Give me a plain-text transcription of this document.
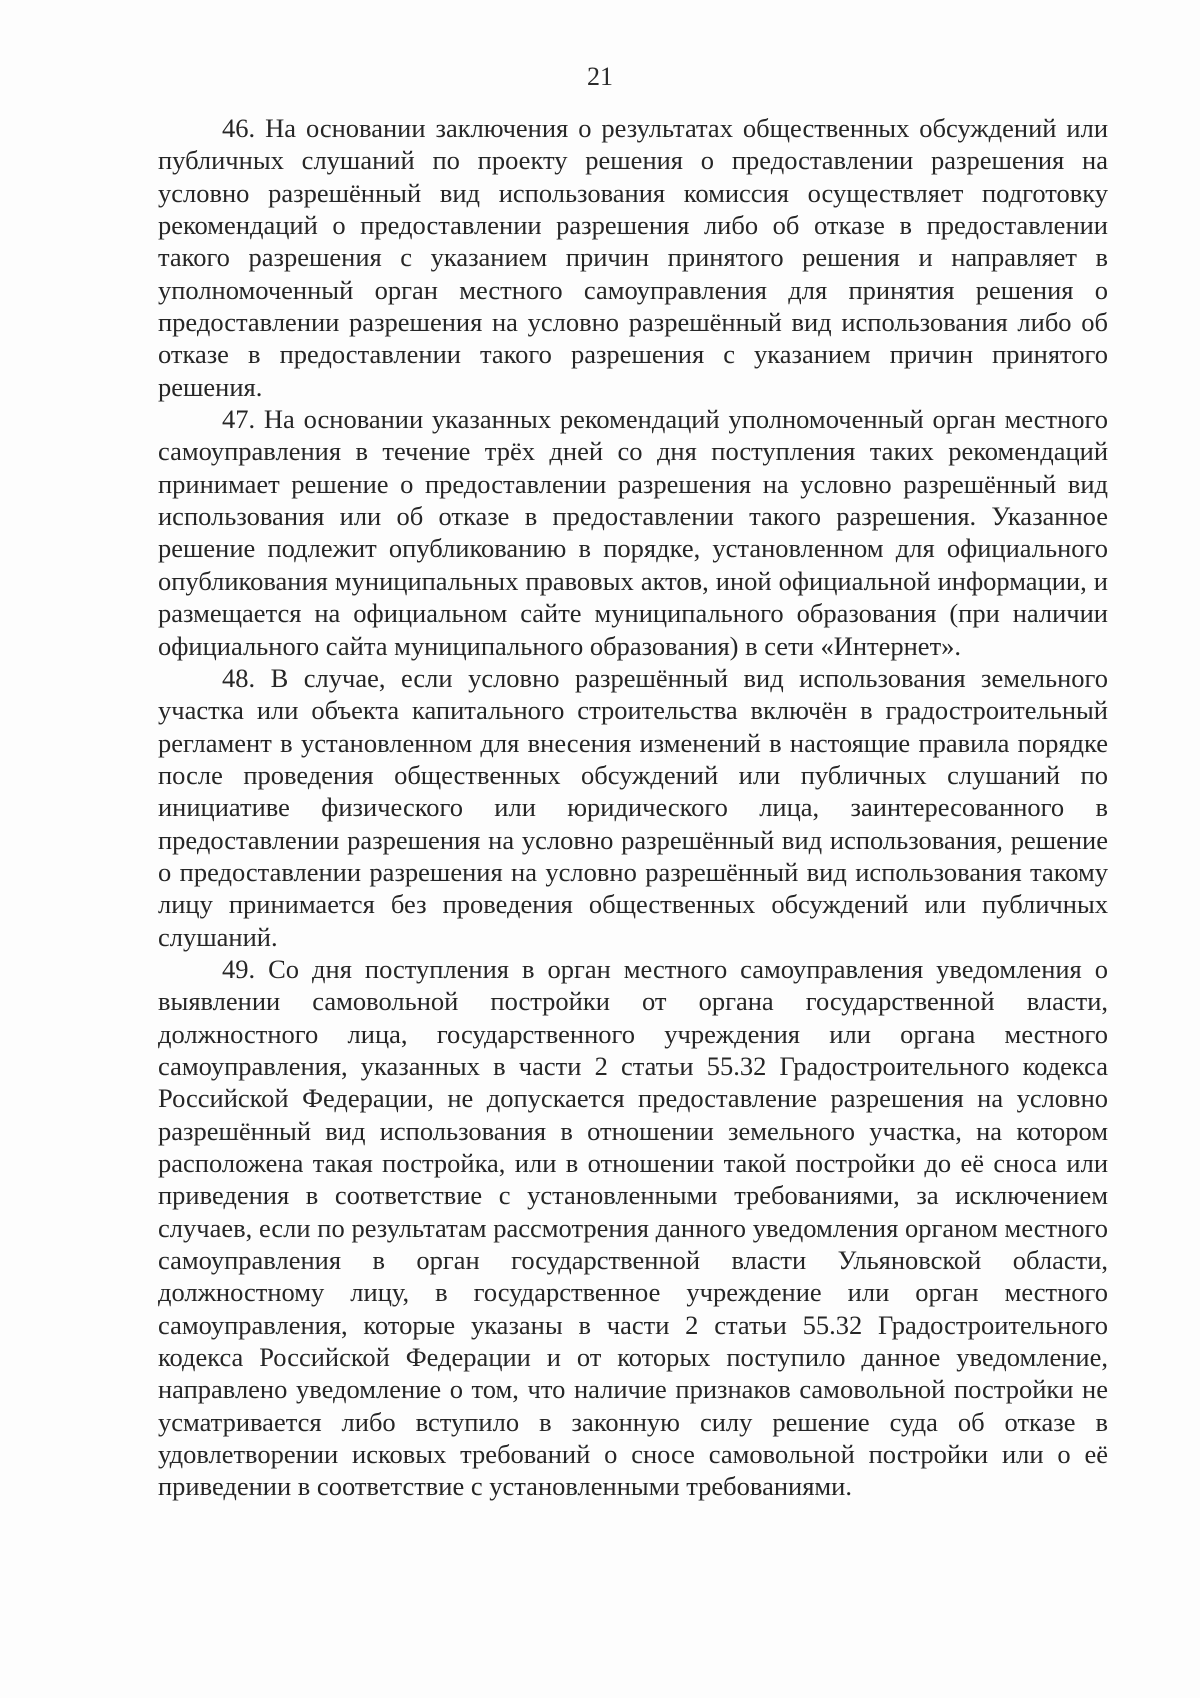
21

46. На основании заключения о результатах общественных обсуждений или публичных слушаний по проекту решения о предоставлении разрешения на условно разрешённый вид использования комиссия осуществляет подготовку рекомендаций о предоставлении разрешения либо об отказе в предоставлении такого разрешения с указанием причин принятого решения и направляет в уполномоченный орган местного самоуправления для принятия решения о предоставлении разрешения на условно разрешённый вид использования либо об отказе в предоставлении такого разрешения с указанием причин принятого решения.

47. На основании указанных рекомендаций уполномоченный орган местного самоуправления в течение трёх дней со дня поступления таких рекомендаций принимает решение о предоставлении разрешения на условно разрешённый вид использования или об отказе в предоставлении такого разрешения. Указанное решение подлежит опубликованию в порядке, установленном для официального опубликования муниципальных правовых актов, иной официальной информации, и размещается на официальном сайте муниципального образования (при наличии официального сайта муниципального образования) в сети «Интернет».

48. В случае, если условно разрешённый вид использования земельного участка или объекта капитального строительства включён в градостроительный регламент в установленном для внесения изменений в настоящие правила порядке после проведения общественных обсуждений или публичных слушаний по инициативе физического или юридического лица, заинтересованного в предоставлении разрешения на условно разрешённый вид использования, решение о предоставлении разрешения на условно разрешённый вид использования такому лицу принимается без проведения общественных обсуждений или публичных слушаний.

49. Со дня поступления в орган местного самоуправления уведомления о выявлении самовольной постройки от органа государственной власти, должностного лица, государственного учреждения или органа местного самоуправления, указанных в части 2 статьи 55.32 Градостроительного кодекса Российской Федерации, не допускается предоставление разрешения на условно разрешённый вид использования в отношении земельного участка, на котором расположена такая постройка, или в отношении такой постройки до её сноса или приведения в соответствие с установленными требованиями, за исключением случаев, если по результатам рассмотрения данного уведомления органом местного самоуправления в орган государственной власти Ульяновской области, должностному лицу, в государственное учреждение или орган местного самоуправления, которые указаны в части 2 статьи 55.32 Градостроительного кодекса Российской Федерации и от которых поступило данное уведомление, направлено уведомление о том, что наличие признаков самовольной постройки не усматривается либо вступило в законную силу решение суда об отказе в удовлетворении исковых требований о сносе самовольной постройки или о её приведении в соответствие с установленными требованиями.
